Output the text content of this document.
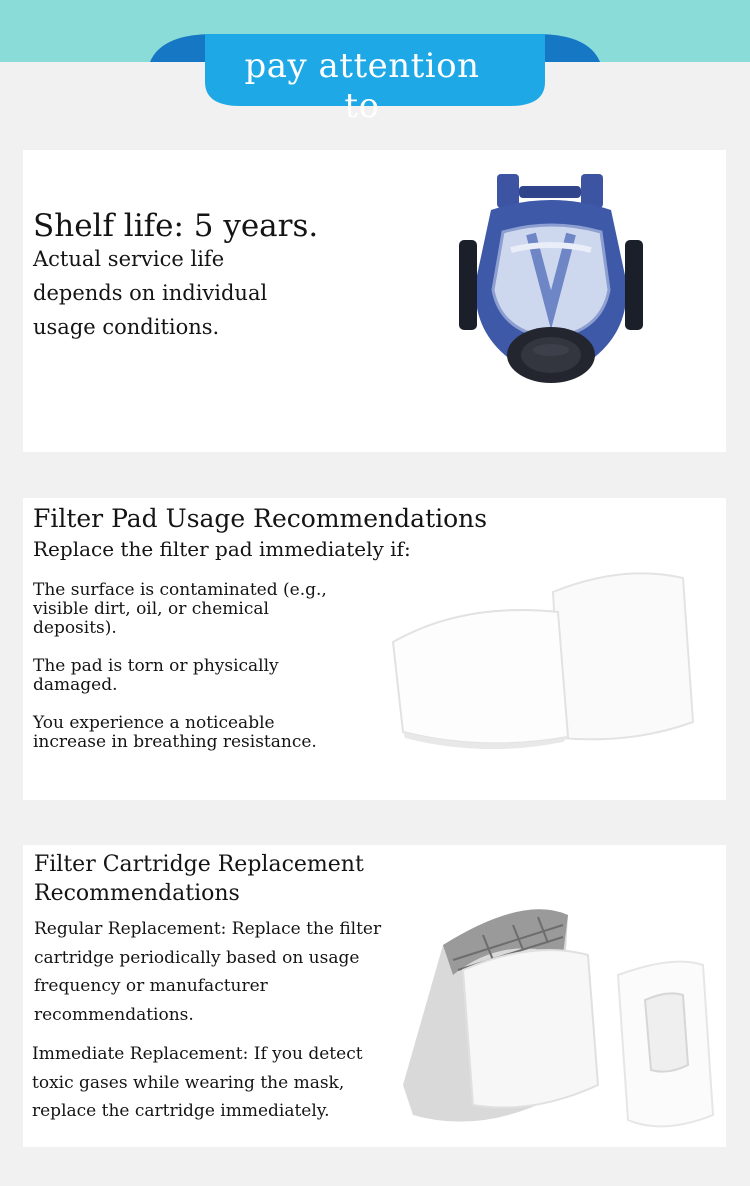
pay attention to
Shelf life: 5 years.

Actual service life
depends on individual
usage conditions.

Filter Pad Usage Recommendations

Replace the filter pad immediately if:

The surface is contaminated (e.g.,
visible dirt, oil, or chemical
deposits).

The pad is torn or physically
damaged.

You experience a noticeable
increase in breathing resistance.

Filter Cartridge Replacement
Recommendations

Regular Replacement: Replace the filter
cartridge periodically based on usage
frequency or manufacturer
recommendations.

Immediate Replacement: If you detect
toxic gases while wearing the mask,
replace the cartridge immediately.
